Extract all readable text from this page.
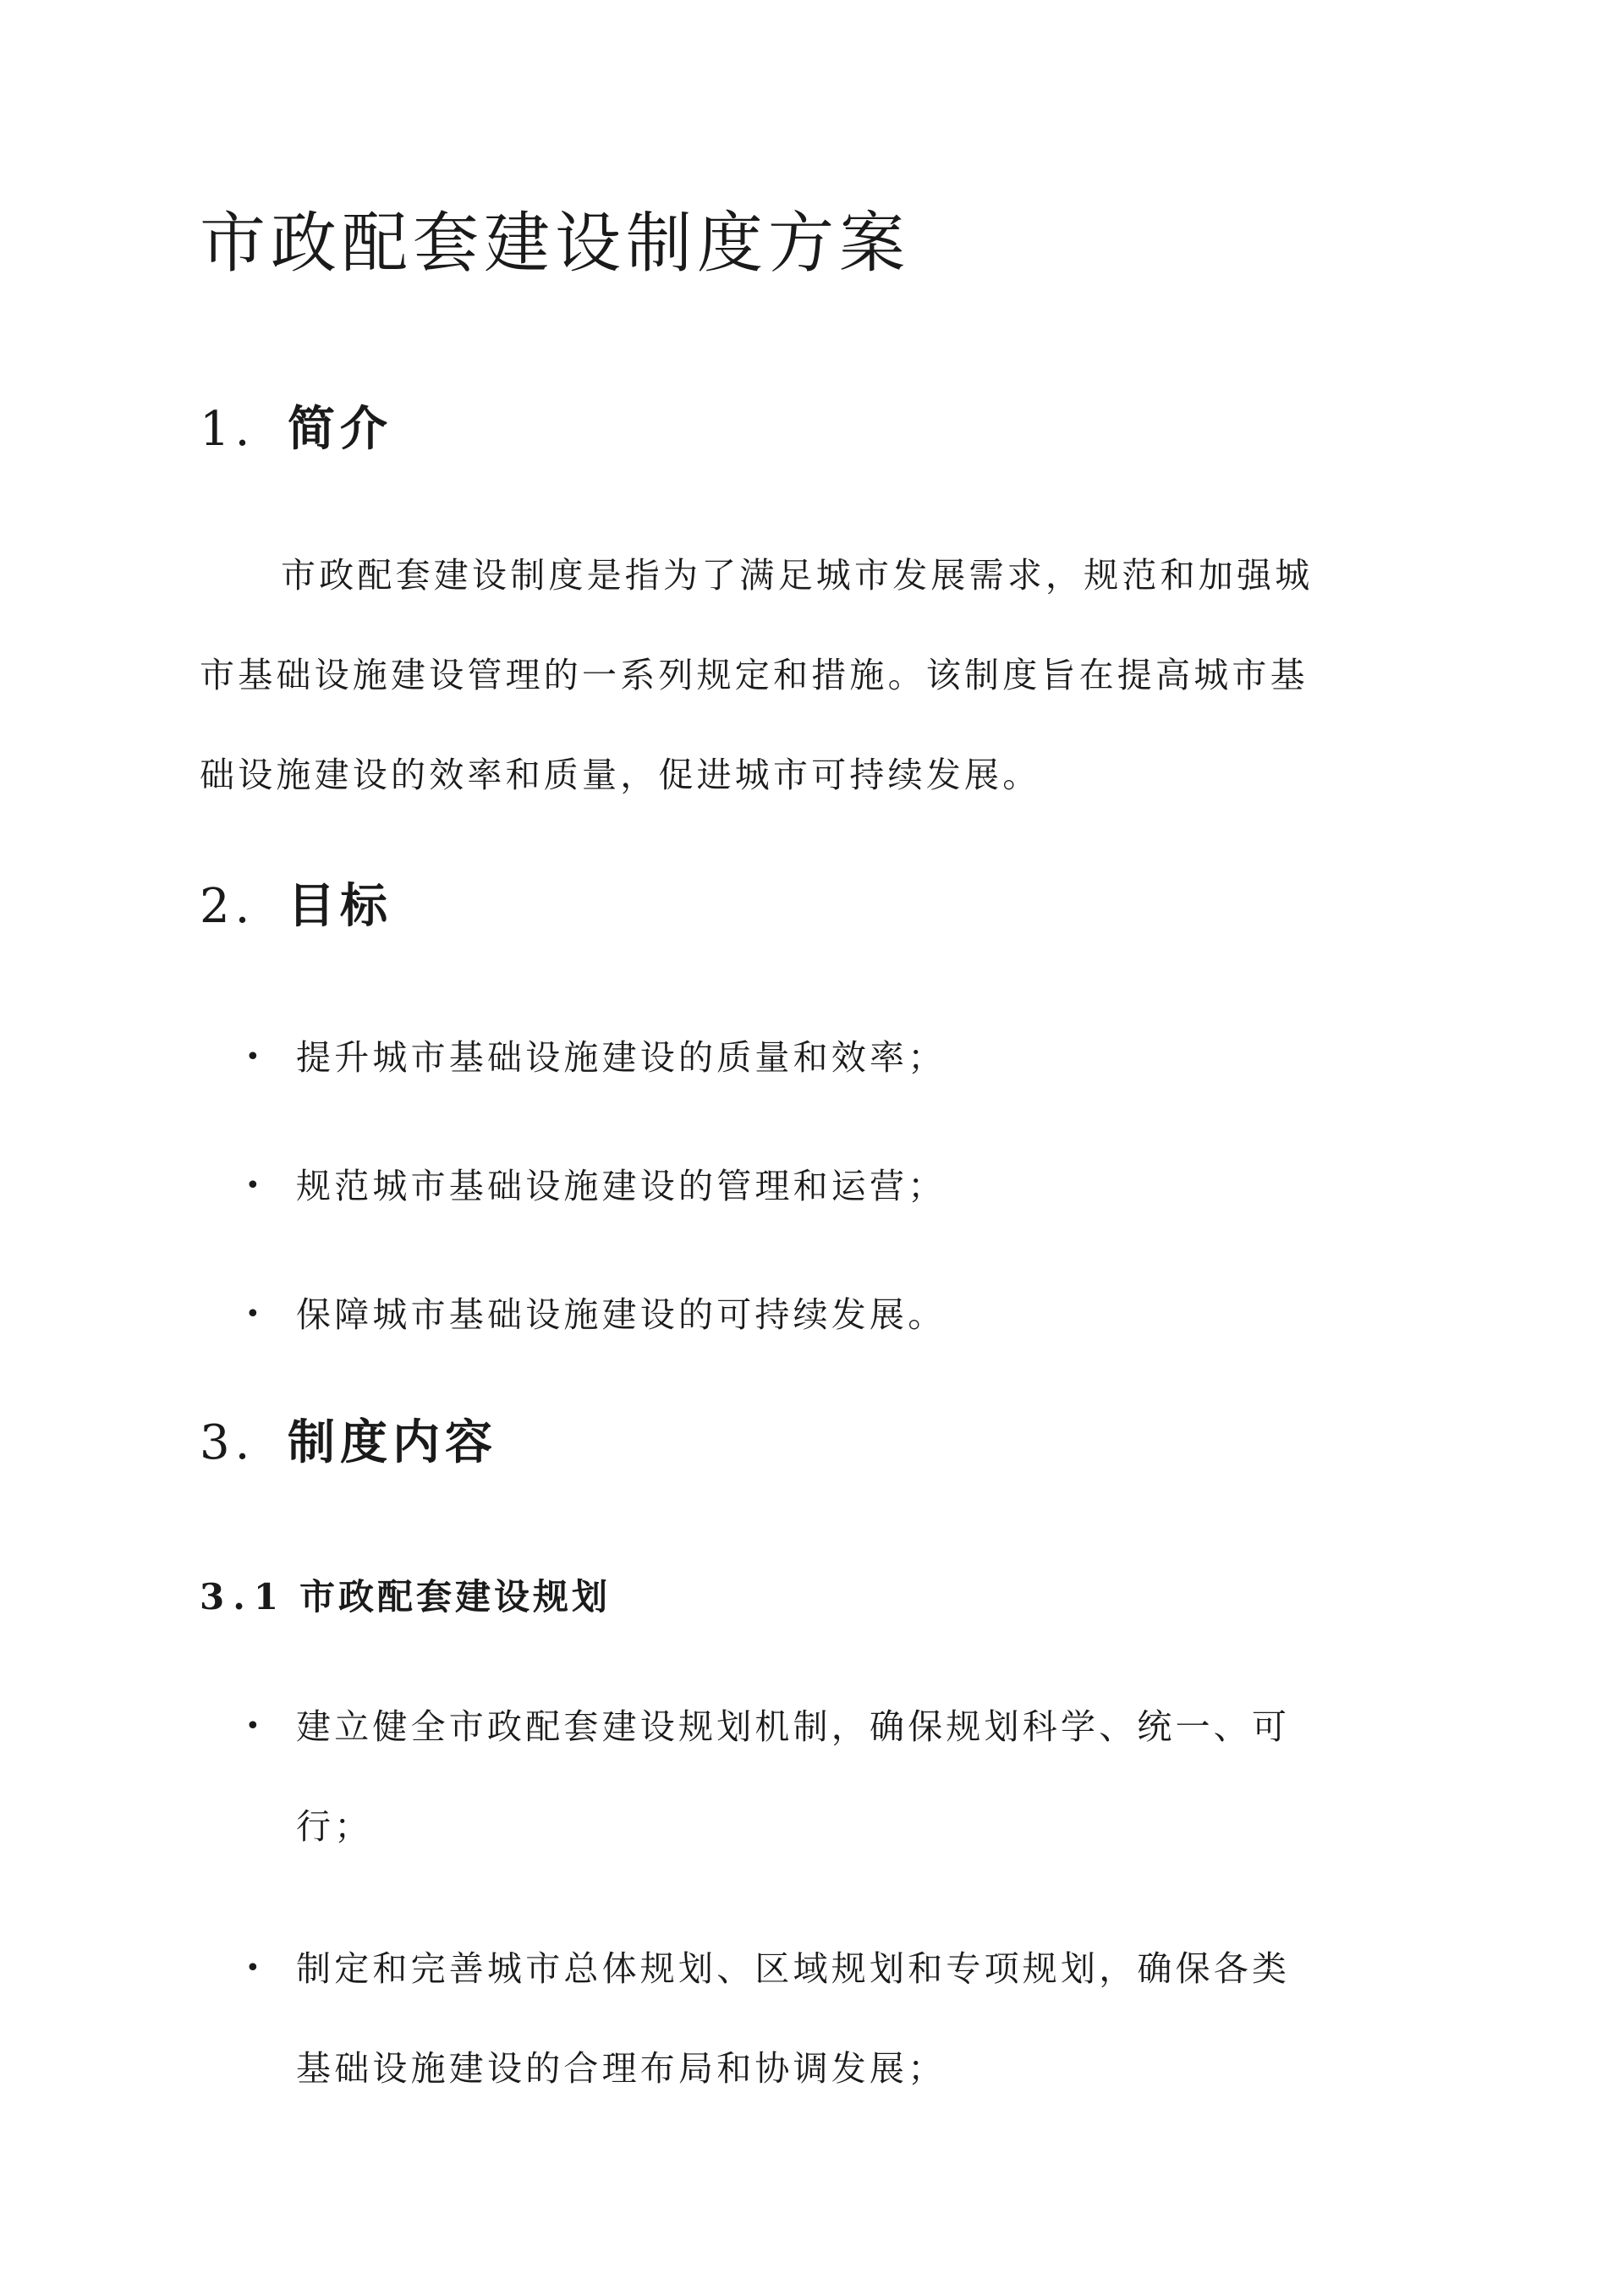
市政配套建设制度方案
1. 简介

市政配套建设制度是指为了满足城市发展需求，规范和加强城
市基础设施建设管理的一系列规定和措施。该制度旨在提高城市基
础设施建设的效率和质量，促进城市可持续发展。

2. 目标
• 提升城市基础设施建设的质量和效率；
• 规范城市基础设施建设的管理和运营；
• 保障城市基础设施建设的可持续发展。
3. 制度内容
3.1 市政配套建设规划
• 建立健全市政配套建设规划机制，确保规划科学、统一、可
行；
• 制定和完善城市总体规划、区域规划和专项规划，确保各类
基础设施建设的合理布局和协调发展；
